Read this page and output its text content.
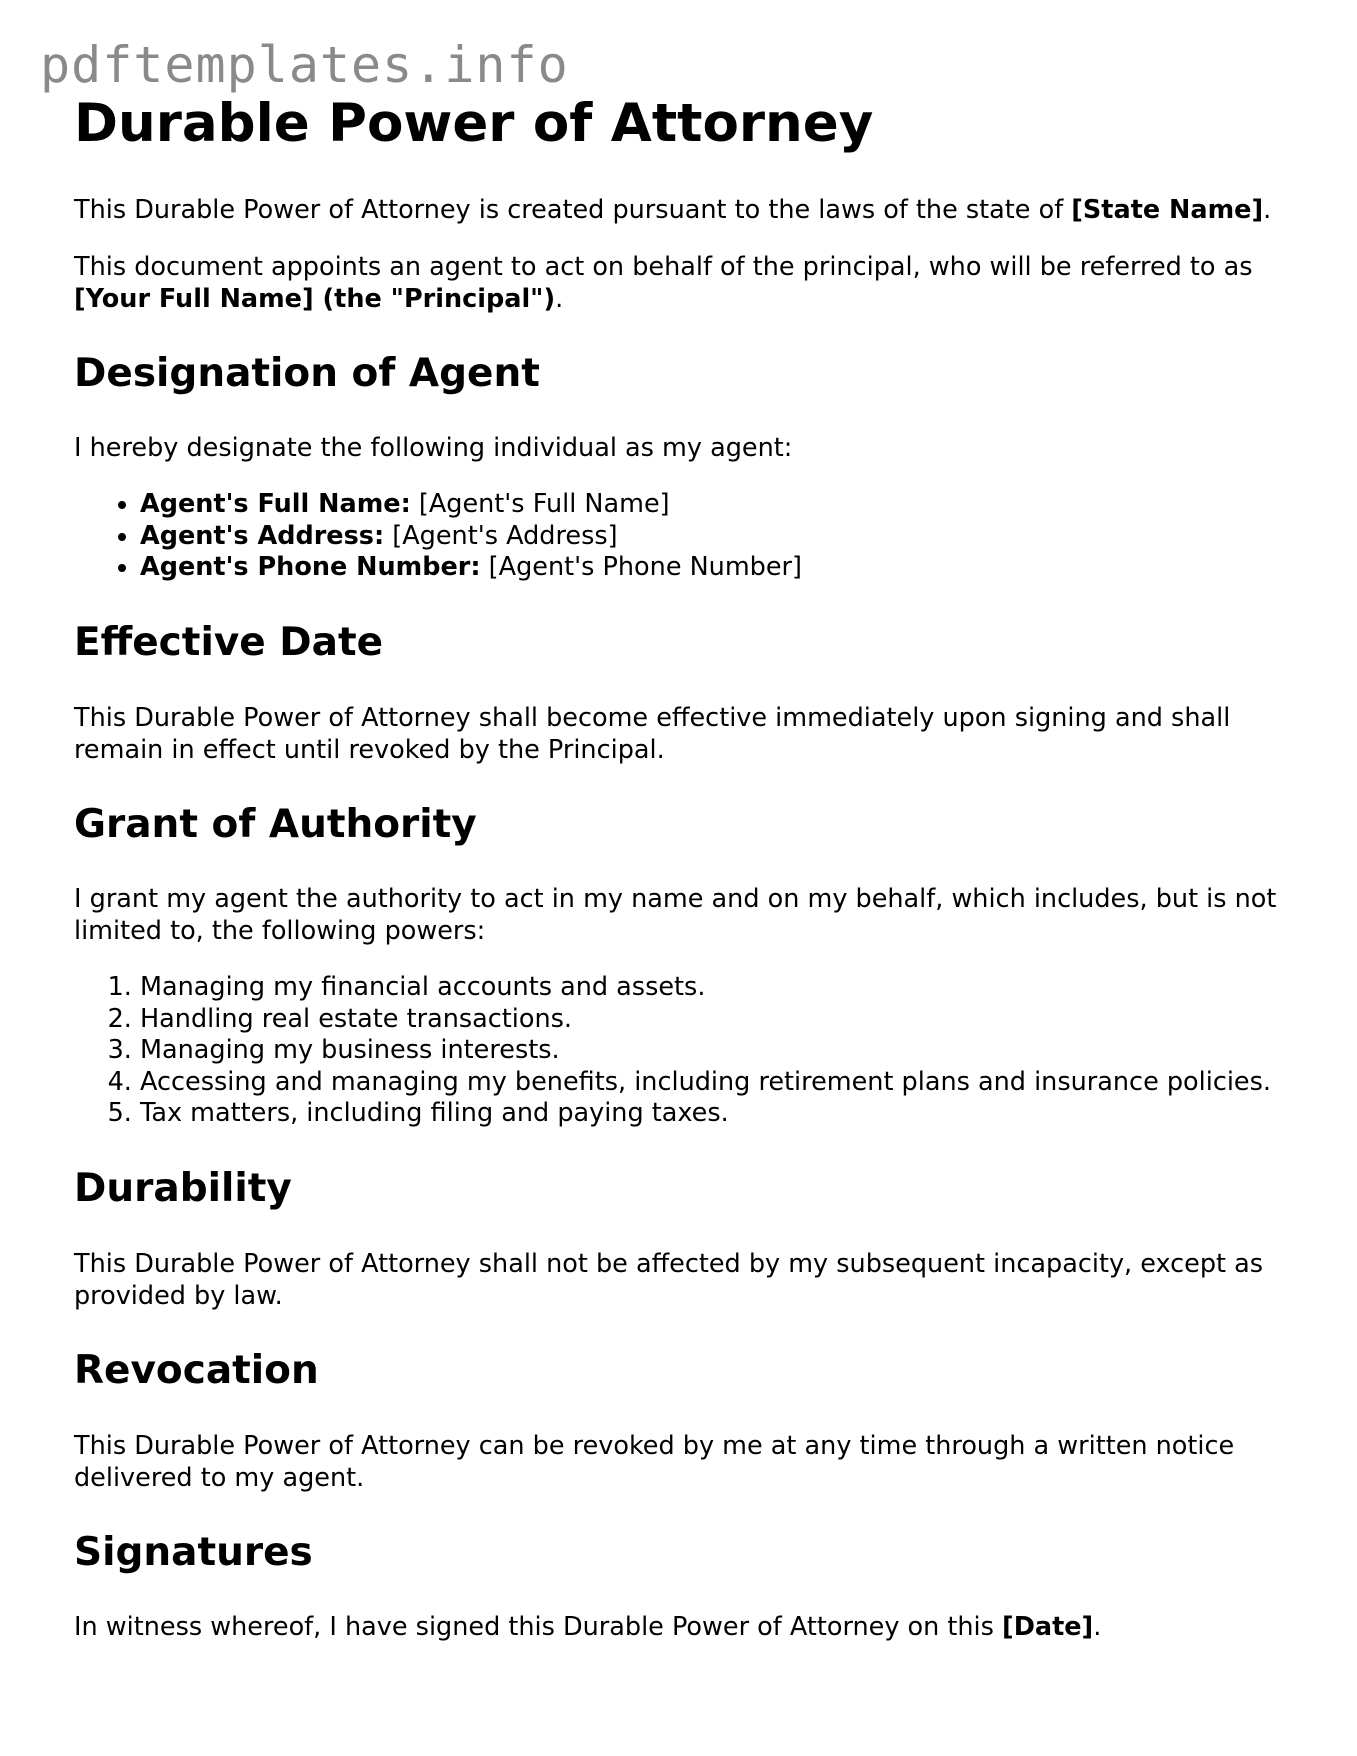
pdftemplates.info
Durable Power of Attorney

This Durable Power of Attorney is created pursuant to the laws of the state of [State Name].

This document appoints an agent to act on behalf of the principal, who will be referred to as [Your Full Name] (the "Principal").

Designation of Agent

I hereby designate the following individual as my agent:

• Agent's Full Name: [Agent's Full Name]
• Agent's Address: [Agent's Address]
• Agent's Phone Number: [Agent's Phone Number]
Effective Date

This Durable Power of Attorney shall become effective immediately upon signing and shall remain in effect until revoked by the Principal.

Grant of Authority

I grant my agent the authority to act in my name and on my behalf, which includes, but is not limited to, the following powers:

1. Managing my financial accounts and assets.
2. Handling real estate transactions.
3. Managing my business interests.
4. Accessing and managing my benefits, including retirement plans and insurance policies.
5. Tax matters, including filing and paying taxes.
Durability

This Durable Power of Attorney shall not be affected by my subsequent incapacity, except as provided by law.

Revocation

This Durable Power of Attorney can be revoked by me at any time through a written notice delivered to my agent.

Signatures

In witness whereof, I have signed this Durable Power of Attorney on this [Date].
